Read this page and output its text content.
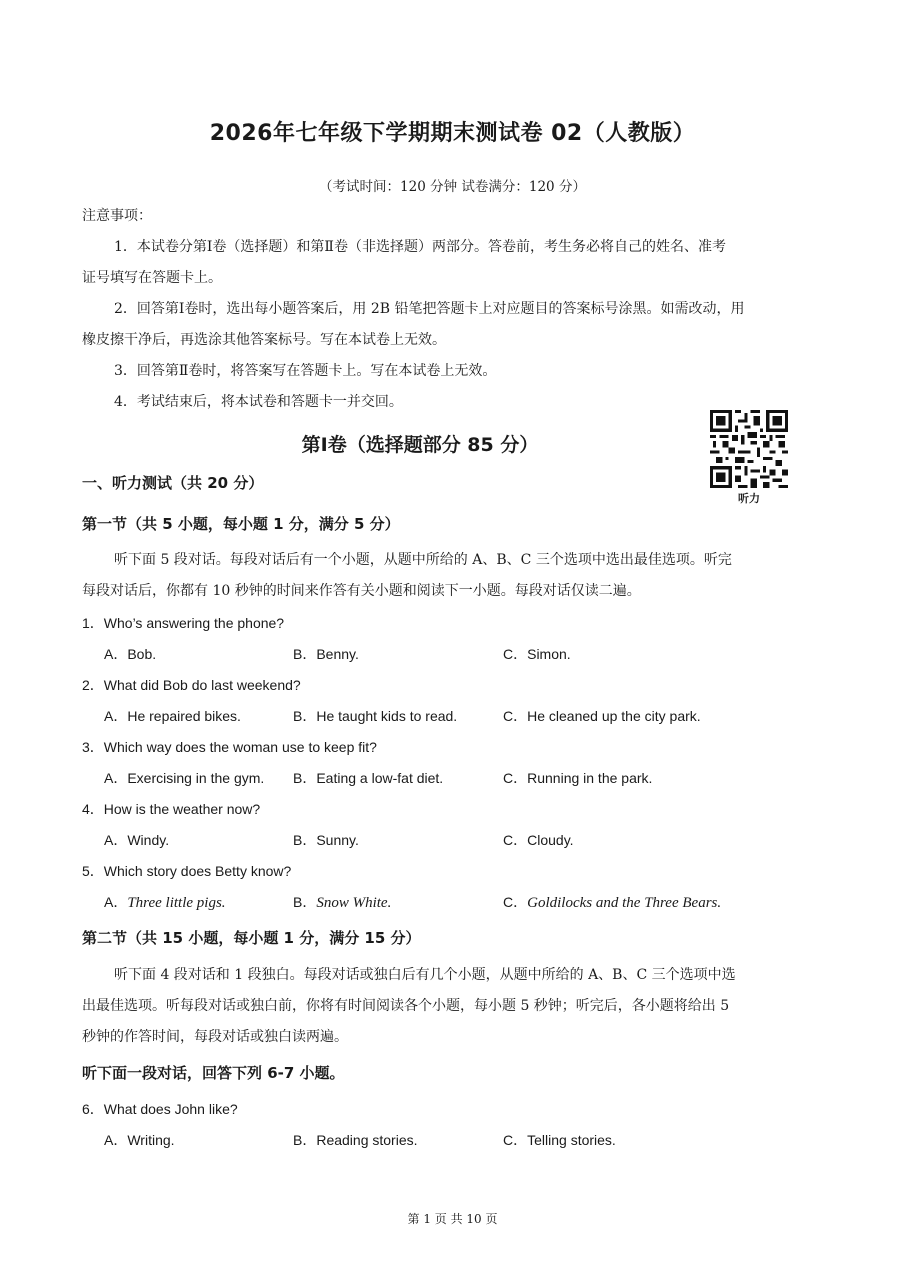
2026年七年级下学期期末测试卷 02（人教版）
（考试时间：120 分钟 试卷满分：120 分）
注意事项：
1．本试卷分第Ⅰ卷（选择题）和第Ⅱ卷（非选择题）两部分。答卷前，考生务必将自己的姓名、准考
证号填写在答题卡上。
2．回答第Ⅰ卷时，选出每小题答案后，用 2B 铅笔把答题卡上对应题目的答案标号涂黑。如需改动，用
橡皮擦干净后，再选涂其他答案标号。写在本试卷上无效。
3．回答第Ⅱ卷时，将答案写在答题卡上。写在本试卷上无效。
4．考试结束后，将本试卷和答题卡一并交回。
第Ⅰ卷（选择题部分 85 分）
听力
一、听力测试（共 20 分）
第一节（共 5 小题，每小题 1 分，满分 5 分）
听下面 5 段对话。每段对话后有一个小题，从题中所给的 A、B、C 三个选项中选出最佳选项。听完
每段对话后，你都有 10 秒钟的时间来作答有关小题和阅读下一小题。每段对话仅读二遍。
1．Who’s answering the phone?
A．Bob.	B．Benny.	C．Simon.
2．What did Bob do last weekend?
A．He repaired bikes.	B．He taught kids to read.	C．He cleaned up the city park.
3．Which way does the woman use to keep fit?
A．Exercising in the gym. B．Eating a low-fat diet.	C．Running in the park.
4．How is the weather now?
A．Windy.	B．Sunny.	C．Cloudy.
5．Which story does Betty know?
A．Three little pigs.	B．Snow White.	C．Goldilocks and the Three Bears.
第二节（共 15 小题，每小题 1 分，满分 15 分）
听下面 4 段对话和 1 段独白。每段对话或独白后有几个小题，从题中所给的 A、B、C 三个选项中选
出最佳选项。听每段对话或独白前，你将有时间阅读各个小题，每小题 5 秒钟；听完后，各小题将给出 5
秒钟的作答时间，每段对话或独白读两遍。
听下面一段对话，回答下列 6-7 小题。
6．What does John like?
A．Writing.	B．Reading stories.	C．Telling stories.
第 1 页 共 10 页
